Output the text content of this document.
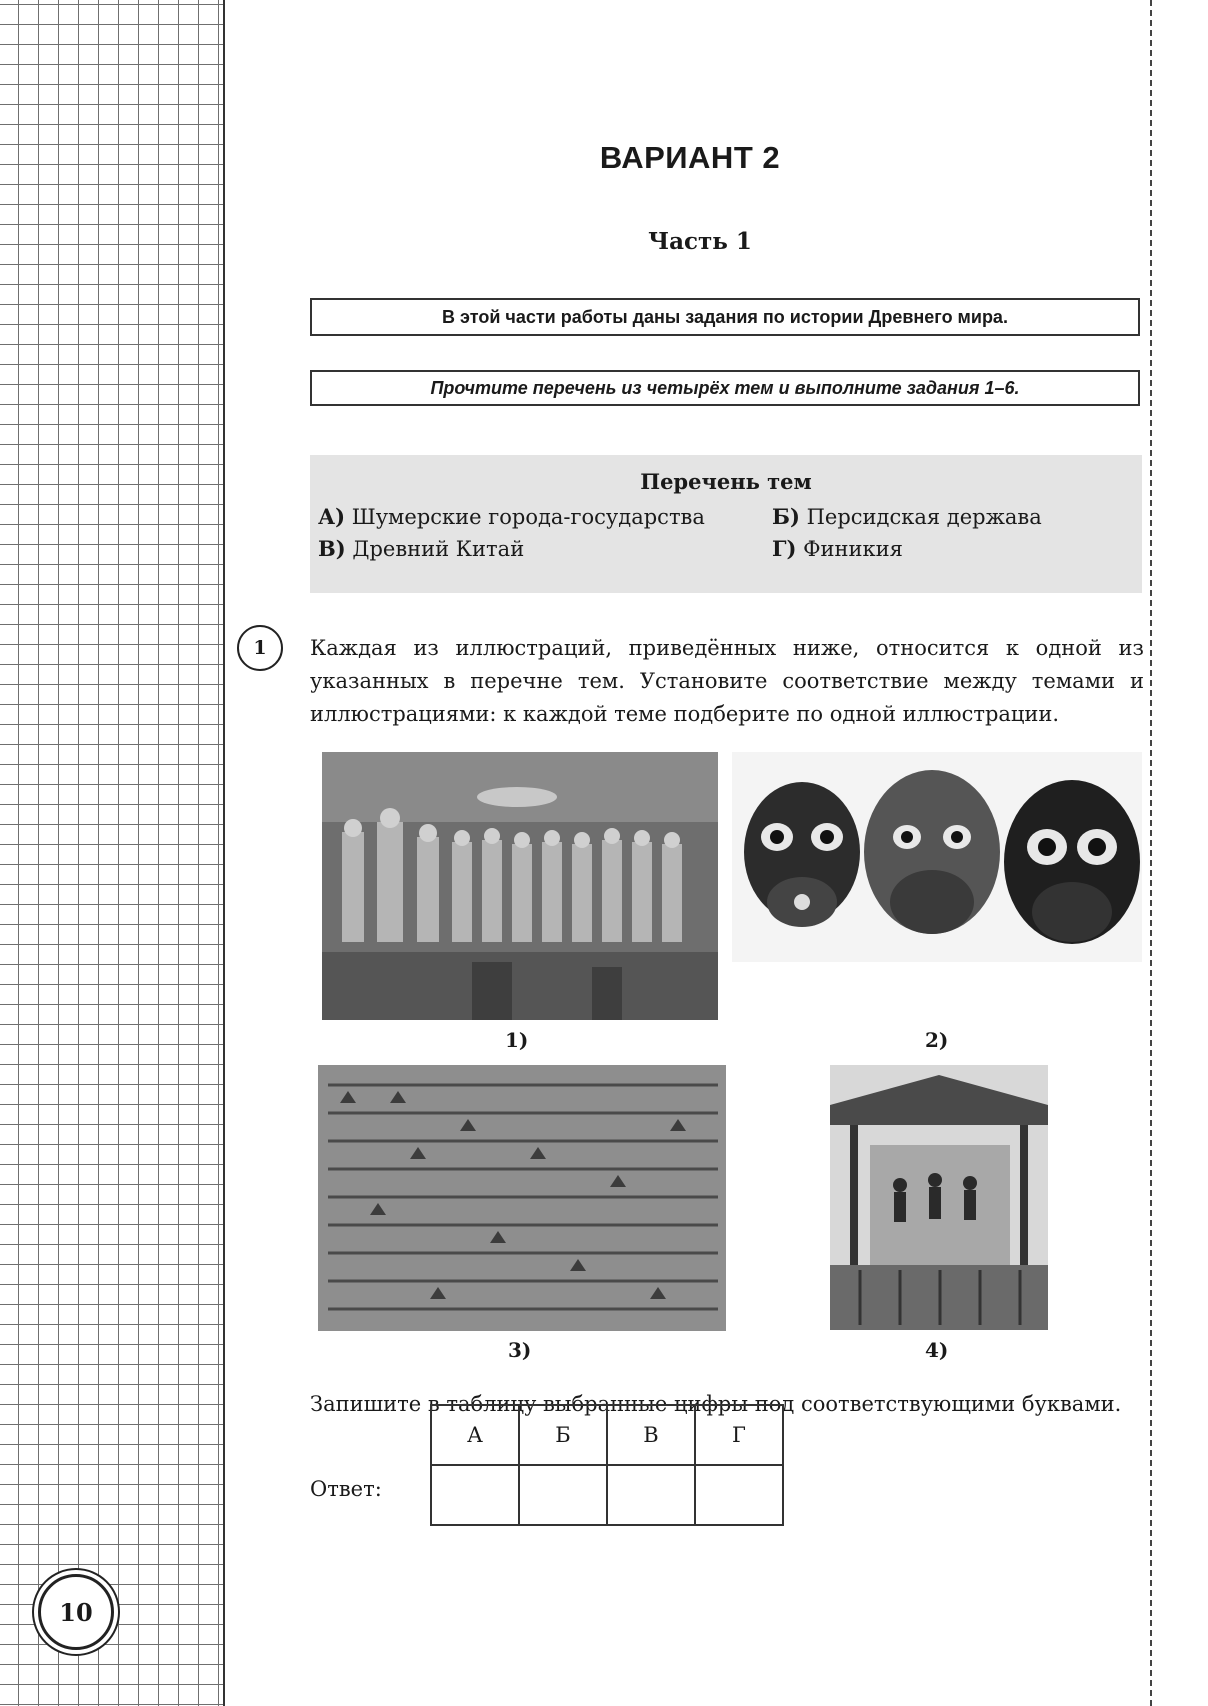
10
ВАРИАНТ 2
Часть 1
В этой части работы даны задания по истории Древнего мира.
Прочтите перечень из четырёх тем и выполните задания 1–6.
Перечень тем
А) Шумерские города-государства	Б) Персидская держава
В) Древний Китай	Г) Финикия
1	Каждая из иллюстраций, приведённых ниже, относится к одной из указанных в перечне тем. Установите соответствие между темами и иллюстрациями: к каждой теме подберите по одной иллюстрации.
1)	2)
3)	4)
Запишите в таблицу выбранные цифры под соответствующими буквами.
Ответ:
А	Б	В	Г
